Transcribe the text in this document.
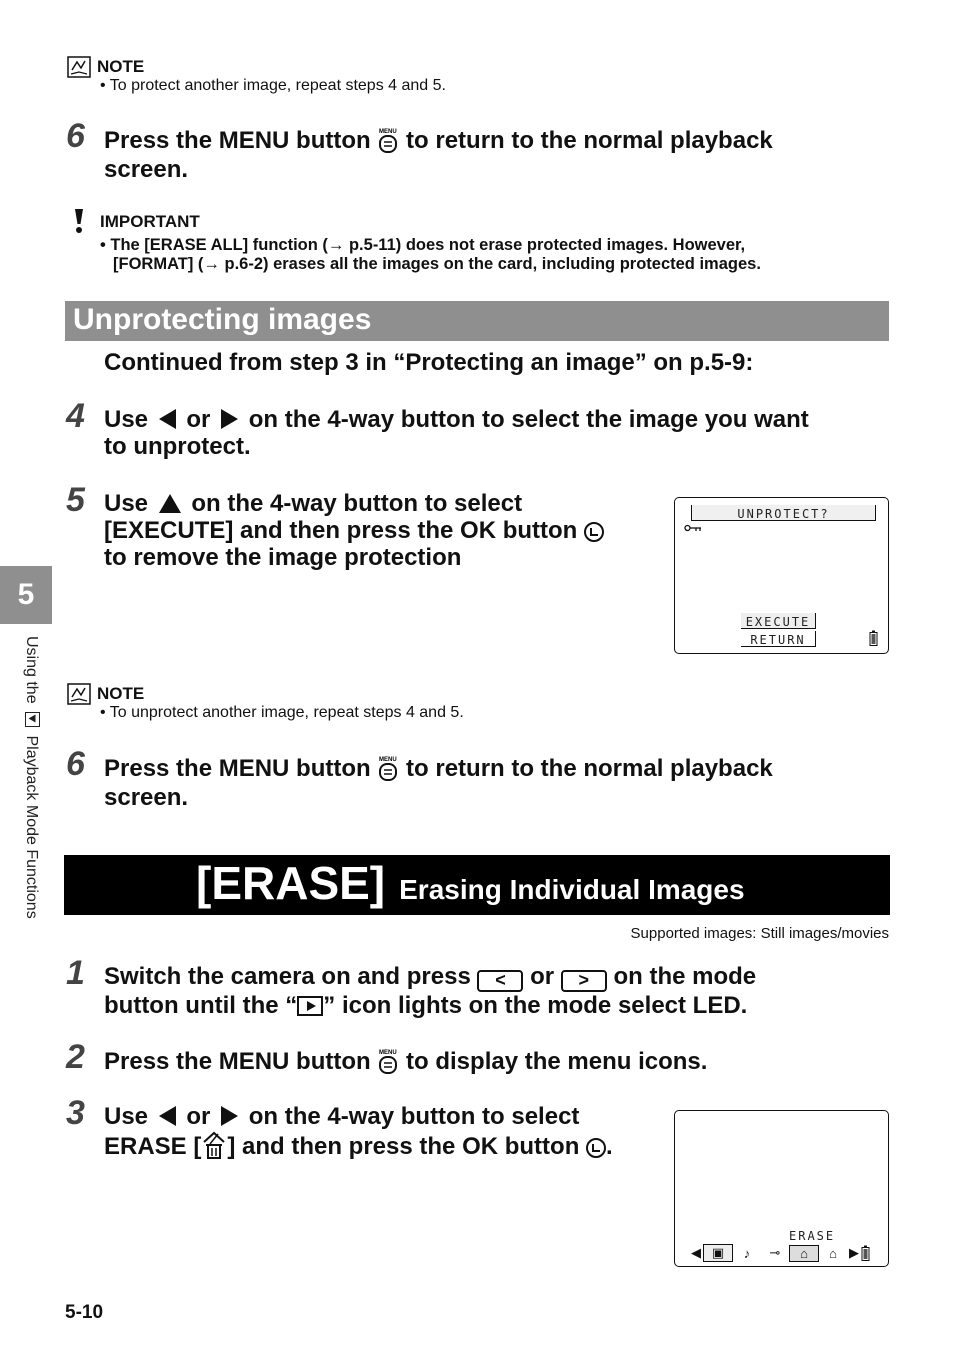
5
Using the
Playback Mode Functions
NOTE
• To protect another image, repeat steps 4 and 5.
6 Press the MENU button MENU to return to the normal playback
screen.
IMPORTANT
• The [ERASE ALL] function (→ p.5-11) does not erase protected images. However,
[FORMAT] (→ p.6-2) erases all the images on the card, including protected images.
Unprotecting images
Continued from step 3 in “Protecting an image” on p.5-9:
4 Use or on the 4-way button to select the image you want
to unprotect.
5 Use on the 4-way button to select
[EXECUTE] and then press the OK button
to remove the image protection
UNPROTECT?
EXECUTE
RETURN
NOTE
• To unprotect another image, repeat steps 4 and 5.
6 Press the MENU button MENU to return to the normal playback
screen.
[ERASE] Erasing Individual Images
Supported images: Still images/movies
1 Switch the camera on and press < or > on the mode
button until the “ ” icon lights on the mode select LED.
2 Press the MENU button MENU to display the menu icons.
3 Use or on the 4-way button to select
ERASE [ ] and then press the OK button .
ERASE
◀ ▣	♪	⊸	⌂	⌂ ▶
5-10
